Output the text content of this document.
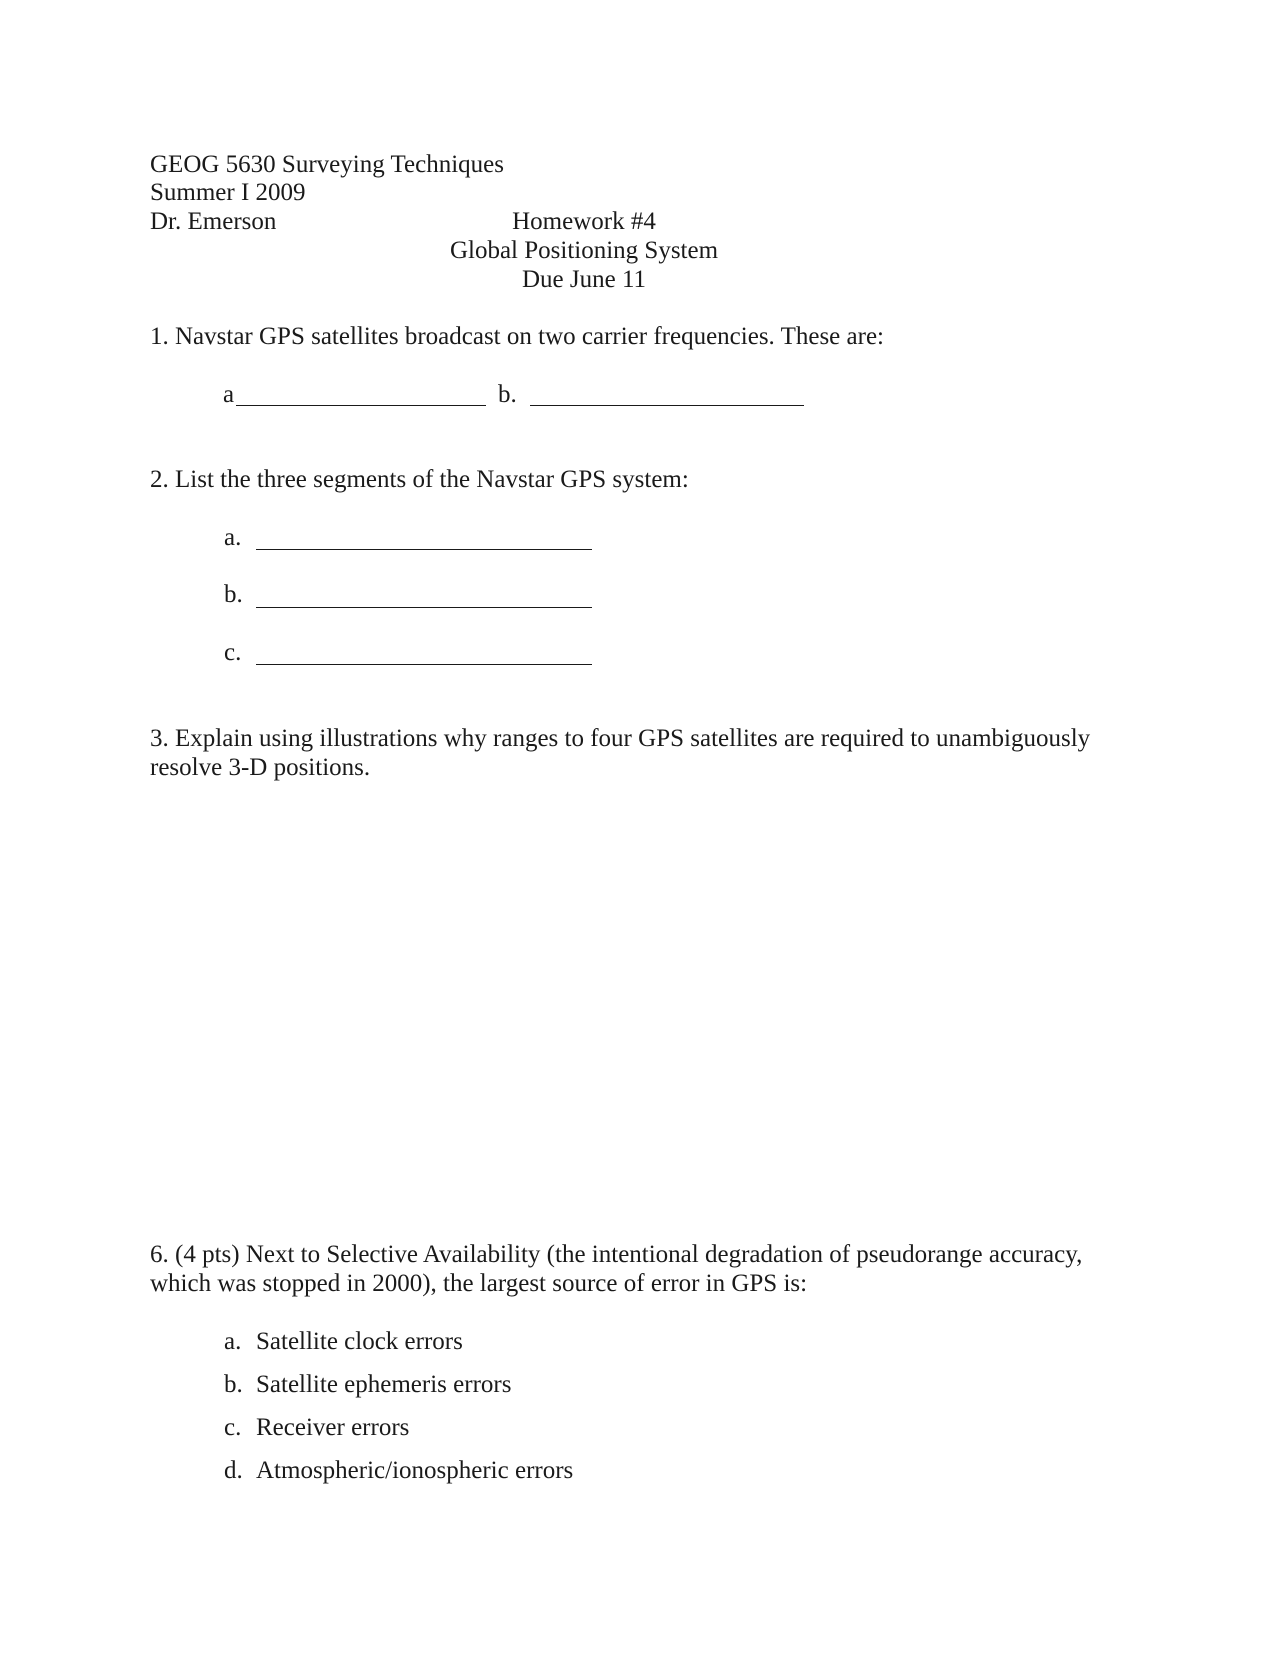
GEOG 5630 Surveying Techniques
Summer I 2009
Dr. Emerson	Homework #4
Global Positioning System
Due June 11
1. Navstar GPS satellites broadcast on two carrier frequencies. These are:
a	b.
2. List the three segments of the Navstar GPS system:
a.
b.
c.
3. Explain using illustrations why ranges to four GPS satellites are required to unambiguously
resolve 3-D positions.
6. (4 pts) Next to Selective Availability (the intentional degradation of pseudorange accuracy,
which was stopped in 2000), the largest source of error in GPS is:
a. Satellite clock errors
b. Satellite ephemeris errors
c. Receiver errors
d. Atmospheric/ionospheric errors
